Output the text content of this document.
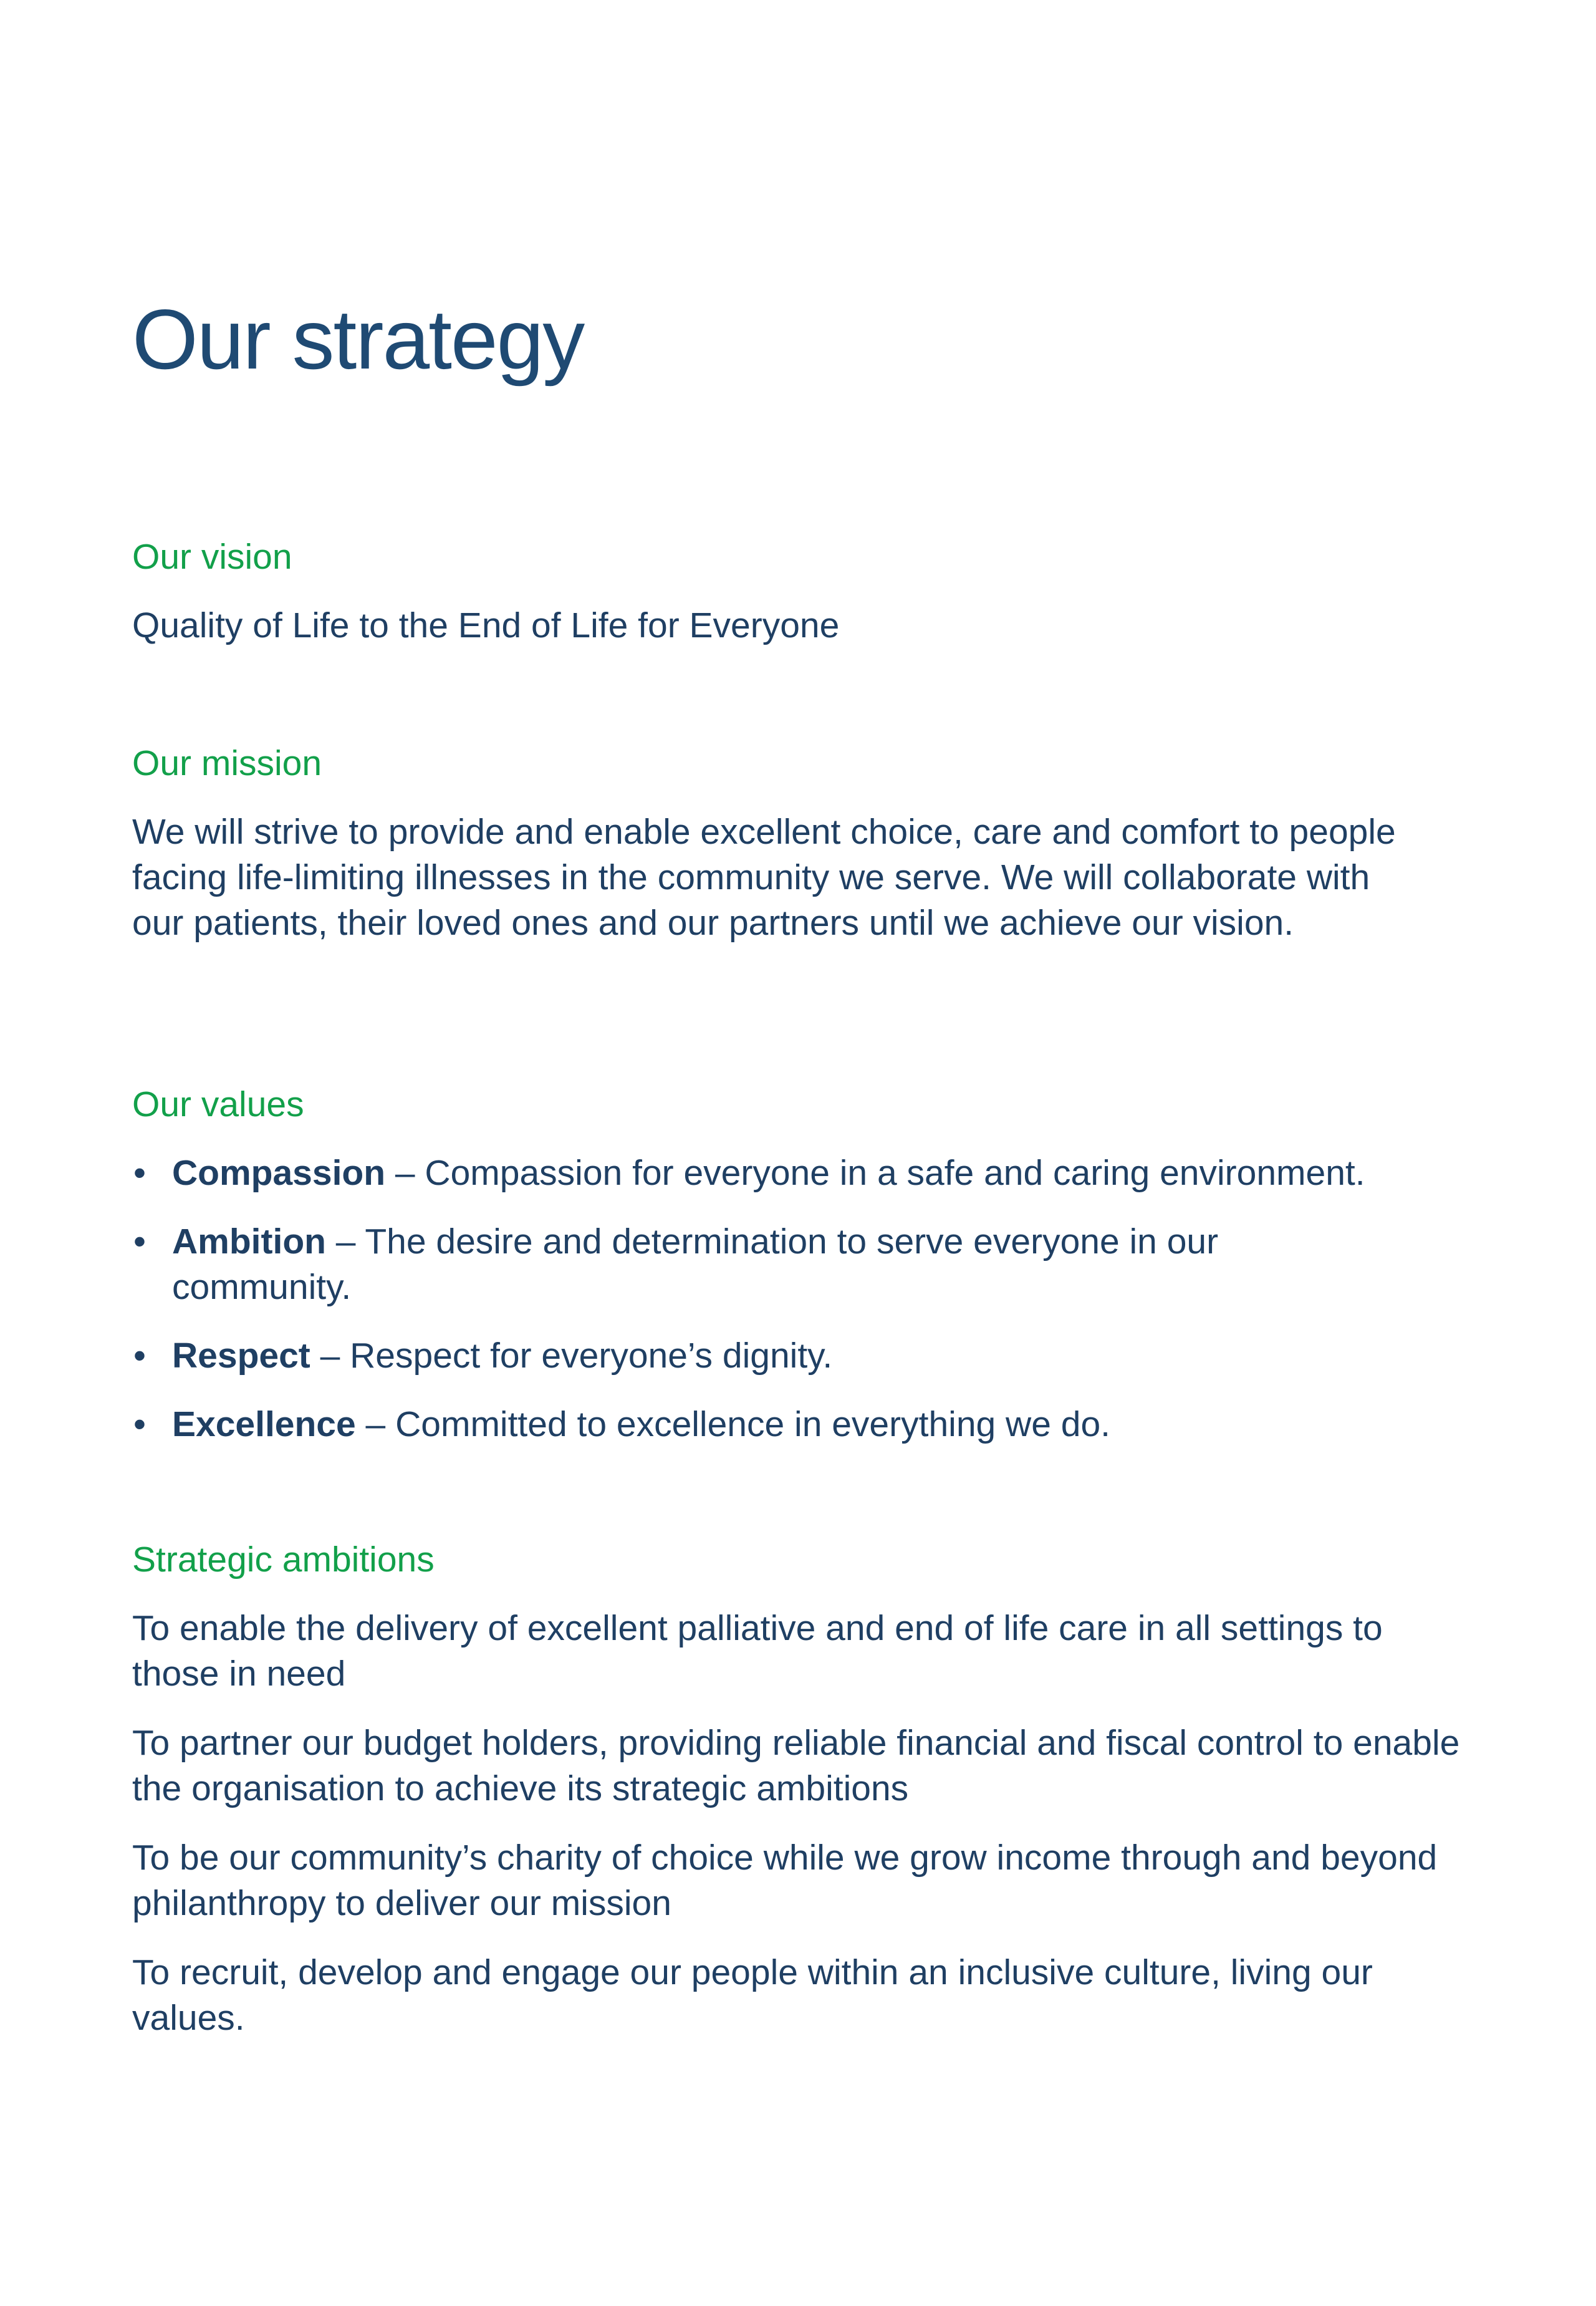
Our strategy
Our vision

Quality of Life to the End of Life for Everyone

Our mission

We will strive to provide and enable excellent choice, care and comfort to people facing life-limiting illnesses in the community we serve. We will collaborate with our patients, their loved ones and our partners until we achieve our vision.

Our values
• Compassion – Compassion for everyone in a safe and caring environment.
• Ambition – The desire and determination to serve everyone in our community.
• Respect – Respect for everyone’s dignity.
• Excellence – Committed to excellence in everything we do.
Strategic ambitions

To enable the delivery of excellent palliative and end of life care in all settings to those in need

To partner our budget holders, providing reliable financial and fiscal control to enable the organisation to achieve its strategic ambitions

To be our community’s charity of choice while we grow income through and beyond philanthropy to deliver our mission

To recruit, develop and engage our people within an inclusive culture, living our values.
